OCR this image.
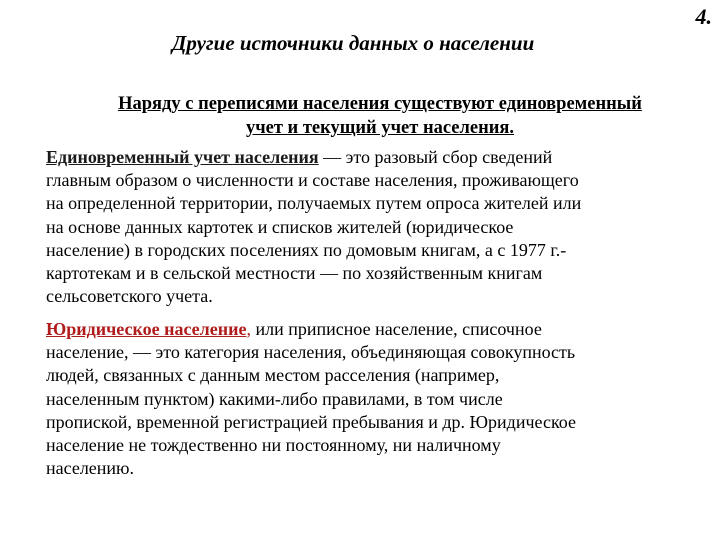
4.
Другие источники данных о населении
Наряду с переписями населения существуют единовременный
учет и текущий учет населения.
Единовременный учет населения — это разовый сбор сведений
главным образом о численности и составе населения, проживающего
на определенной территории, получаемых путем опроса жителей или
на основе данных картотек и списков жителей (юридическое
население) в городских поселениях по домовым книгам, а с 1977 г.-
картотекам и в сельской местности — по хозяйственным книгам
сельсоветского учета.
Юридическое население, или приписное население, списочное
население, — это категория населения, объединяющая совокупность
людей, связанных с данным местом расселения (например,
населенным пунктом) какими-либо правилами, в том числе
пропиской, временной регистрацией пребывания и др. Юридическое
население не тождественно ни постоянному, ни наличному
населению.
